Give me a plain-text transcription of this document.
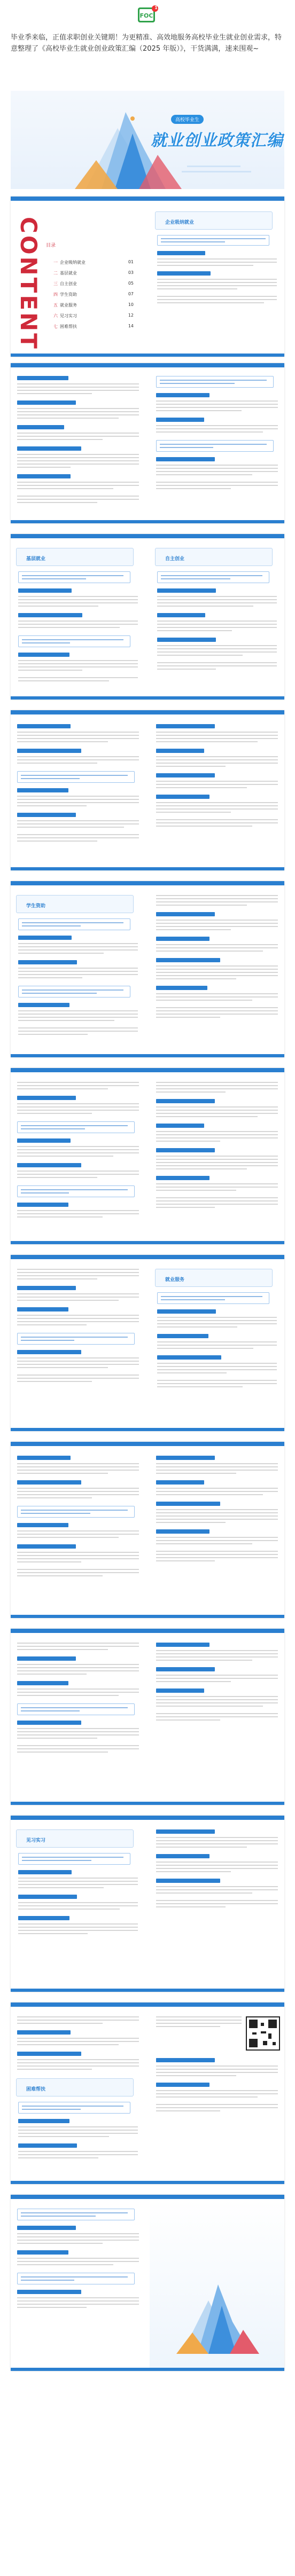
FOC
1
毕业季来临，正值求职创业关键期！为更精准、高效地服务高校毕业生就业创业需求，特意整理了《高校毕业生就业创业政策汇编（2025 年版）》，干货满满，速来围观~
高校毕业生
就业创业政策汇编
CONTENT 目录
一 企业吸纳就业	01
二 基层就业	03
三 自主创业	05
四 学生资助	07
五 就业服务	10
六 见习实习	12
七 困难帮扶	14
企业吸纳就业
基层就业	自主创业
学生资助
就业服务
见习实习
困难帮扶
